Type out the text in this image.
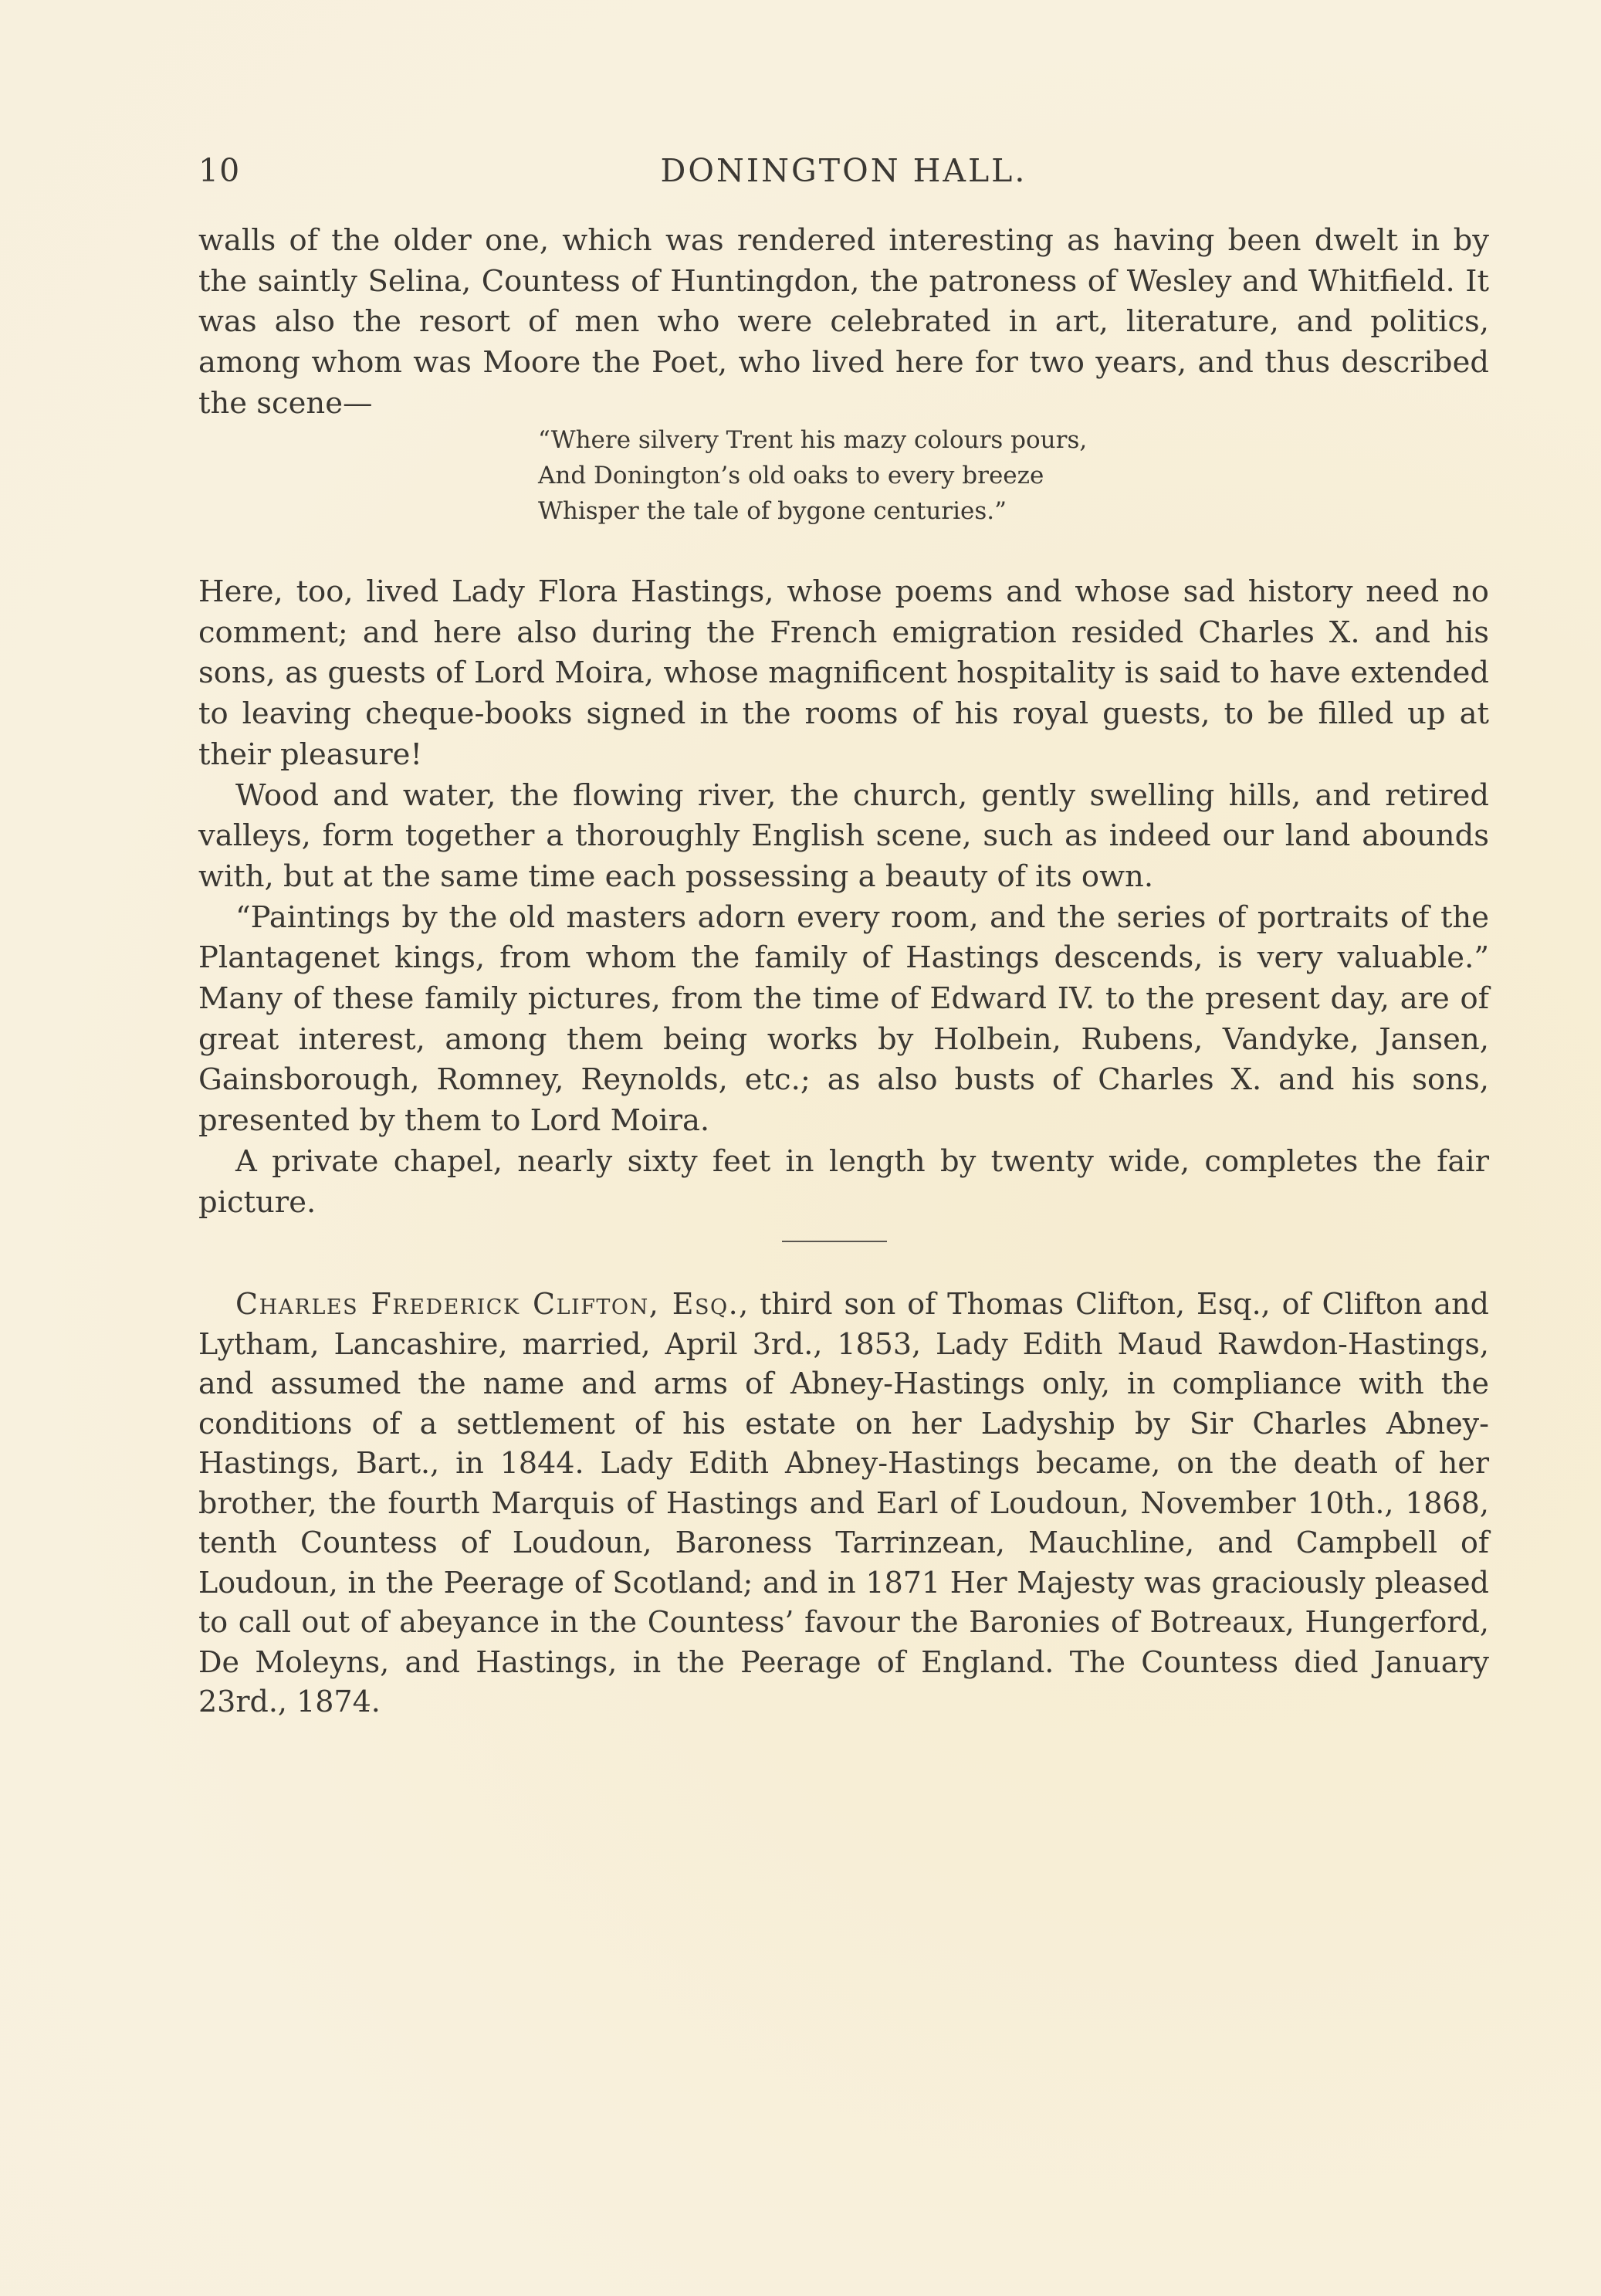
10	DONINGTON HALL.

walls of the older one, which was rendered interesting as having been dwelt in by the saintly Selina, Countess of Huntingdon, the patroness of Wesley and Whitfield. It was also the resort of men who were celebrated in art, literature, and politics, among whom was Moore the Poet, who lived here for two years, and thus described the scene—

“Where silvery Trent his mazy colours pours,
And Donington’s old oaks to every breeze
Whisper the tale of bygone centuries.”

Here, too, lived Lady Flora Hastings, whose poems and whose sad history need no comment; and here also during the French emigration resided Charles X. and his sons, as guests of Lord Moira, whose magnificent hospitality is said to have extended to leaving cheque-books signed in the rooms of his royal guests, to be filled up at their pleasure!

Wood and water, the flowing river, the church, gently swelling hills, and retired valleys, form together a thoroughly English scene, such as indeed our land abounds with, but at the same time each possessing a beauty of its own.

“Paintings by the old masters adorn every room, and the series of portraits of the Plantagenet kings, from whom the family of Hastings descends, is very valuable.” Many of these family pictures, from the time of Edward IV. to the present day, are of great interest, among them being works by Holbein, Rubens, Vandyke, Jansen, Gainsborough, Romney, Reynolds, etc.; as also busts of Charles X. and his sons, presented by them to Lord Moira.

A private chapel, nearly sixty feet in length by twenty wide, completes the fair picture.

Charles Frederick Clifton, Esq., third son of Thomas Clifton, Esq., of Clifton and Lytham, Lancashire, married, April 3rd., 1853, Lady Edith Maud Rawdon-Hastings, and assumed the name and arms of Abney-Hastings only, in compliance with the conditions of a settlement of his estate on her Ladyship by Sir Charles Abney-Hastings, Bart., in 1844. Lady Edith Abney-Hastings became, on the death of her brother, the fourth Marquis of Hastings and Earl of Loudoun, November 10th., 1868, tenth Countess of Loudoun, Baroness Tarrinzean, Mauchline, and Campbell of Loudoun, in the Peerage of Scotland; and in 1871 Her Majesty was graciously pleased to call out of abeyance in the Countess’ favour the Baronies of Botreaux, Hungerford, De Moleyns, and Hastings, in the Peerage of England. The Countess died January 23rd., 1874.
